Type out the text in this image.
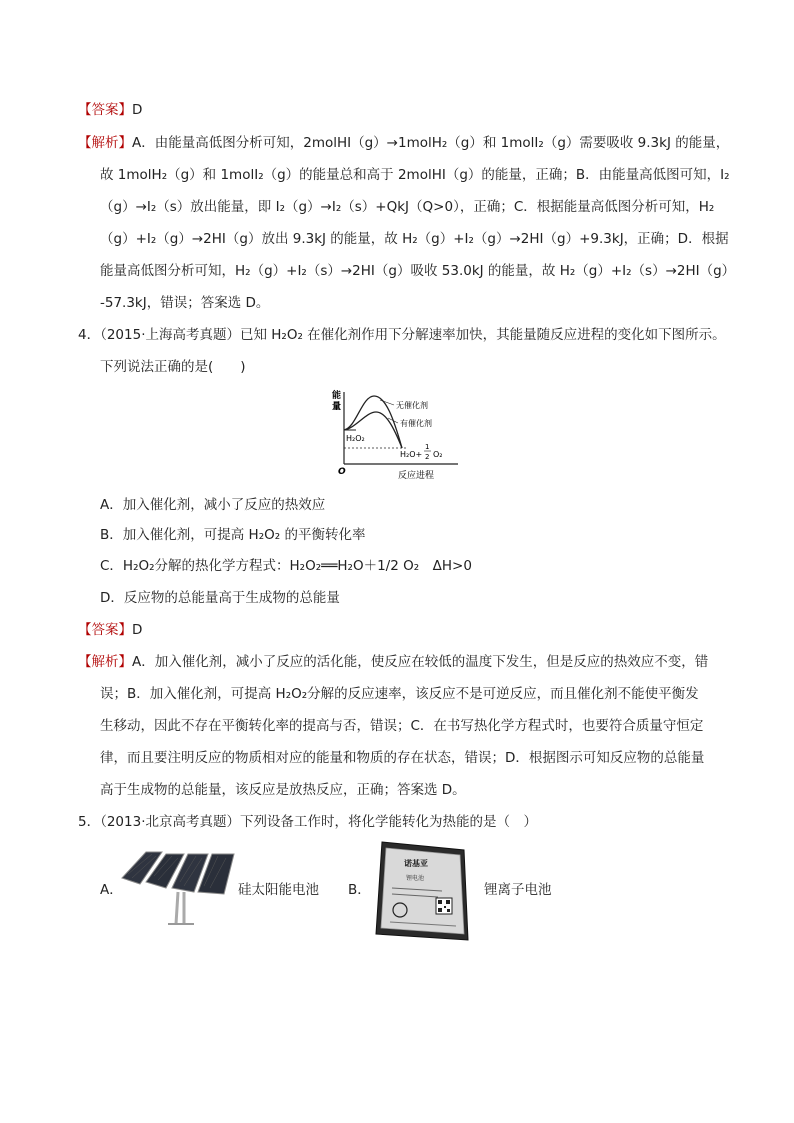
【答案】D
【解析】A．由能量高低图分析可知，2molHI（g）→1molH₂（g）和 1molI₂（g）需要吸收 9.3kJ 的能量，
故 1molH₂（g）和 1molI₂（g）的能量总和高于 2molHI（g）的能量，正确；B．由能量高低图可知，I₂
（g）→I₂（s）放出能量，即 I₂（g）→I₂（s）+QkJ（Q>0），正确；C．根据能量高低图分析可知，H₂
（g）+I₂（g）→2HI（g）放出 9.3kJ 的能量，故 H₂（g）+I₂（g）→2HI（g）+9.3kJ，正确；D．根据
能量高低图分析可知，H₂（g）+I₂（s）→2HI（g）吸收 53.0kJ 的能量，故 H₂（g）+I₂（s）→2HI（g）
-57.3kJ，错误；答案选 D。
4．（2015·上海高考真题）已知 H₂O₂ 在催化剂作用下分解速率加快，其能量随反应进程的变化如下图所示。
下列说法正确的是(　　)
能
量
O	反应进程
无催化剂
有催化剂
H₂O₂
H₂O+
1
2 O₂
A．加入催化剂，减小了反应的热效应
B．加入催化剂，可提高 H₂O₂ 的平衡转化率
C．H₂O₂分解的热化学方程式：H₂O₂══H₂O＋1/2 O₂　ΔH>0
D．反应物的总能量高于生成物的总能量
【答案】D
【解析】A．加入催化剂，减小了反应的活化能，使反应在较低的温度下发生，但是反应的热效应不变，错
误；B．加入催化剂，可提高 H₂O₂分解的反应速率，该反应不是可逆反应，而且催化剂不能使平衡发
生移动，因此不存在平衡转化率的提高与否，错误；C．在书写热化学方程式时，也要符合质量守恒定
律，而且要注明反应的物质相对应的能量和物质的存在状态，错误；D．根据图示可知反应物的总能量
高于生成物的总能量，该反应是放热反应，正确；答案选 D。
5．（2013·北京高考真题）下列设备工作时，将化学能转化为热能的是（　）
A．	硅太阳能电池 B．
诺基亚
锂电池
锂离子电池
